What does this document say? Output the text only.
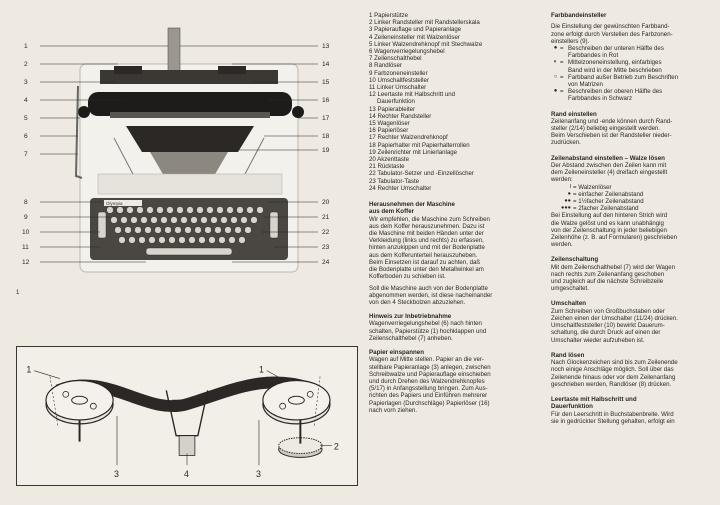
Olympia
1
2
3
4
5
6
7
8
9
10
11
12
13
14
15
16
17
18
19
20
21
22
23
24
1
1	1
2
3	4	3
1 Papierstütze
2 Linker Randsteller mit Randstellerskala
3 Papierauflage und Papieranlage
4 Zeileneinsteller mit Walzenlöser
5 Linker Walzendrehknopf mit Stechwalze
6 Wagenverriegelungshebel
7 Zeilenschalthebel
8 Randlöser
9 Farbzoneneinsteller
10 Umschaltfeststeller
11 Linker Umschalter
12 Leertaste mit Halbschritt und
Dauerfunktion
13 Papierableiter
14 Rechter Randsteller
15 Wagenlöser
16 Papierlöser
17 Rechter Walzendrehknopf
18 Papierhalter mit Papierhalterrollen
19 Zeilenrichter mit Linierlanlage
20 Akzenttaste
21 Rücktaste
22 Tabulator-Setzer und -Einzellöscher
23 Tabulator-Taste
24 Rechter Umschalter
Herausnehmen der Maschine
aus dem Koffer

Wir empfehlen, die Maschine zum Schreiben
aus dem Koffer herauszunehmen. Dazu ist
die Maschine mit beiden Händen unter der
Verkleidung (links und rechts) zu erfassen,
hinten anzukippen und mit der Bodenplatte
aus dem Kofferunterteil herauszuheben.
Beim Einsetzen ist darauf zu achten, daß
die Bodenplatte unter den Metallwinkel am
Kofferboden zu schieben ist.

Soll die Maschine auch von der Bodenplatte
abgenommen werden, ist diese nacheinander
von den 4 Steckbolzen abzuziehen.

Hinweis zur Inbetriebnahme

Wagenverriegelungshebel (6) nach hinten
schalten, Papierstütze (1) hochklappen und
Zeilenschalthebel (7) anheben.

Papier einspannen

Wagen auf Mitte stellen. Papier an die ver-
stellbare Papieranlage (3) anlegen, zwischen
Schreibwalze und Papierauflage einschieben
und durch Drehen des Walzendrehknopfes
(5/17) in Anfangsstellung bringen. Zum Aus-
richten des Papiers und Einführen mehrerer
Papierlagen (Durchschläge) Papierlöser (16)
nach vorn ziehen.

Farbbandeinsteller

Die Einstellung der gewünschten Farbband-
zone erfolgt durch Verstellen des Farbzonen-
einstellers (9).

● = Beschreiben der unteren Hälfte des
Farbbandes in Rot
◐ = Mittelzoneneinstellung, einfarbiges
Band wird in der Mitte beschrieben
○ = Farbband außer Betrieb zum Beschriften
von Matrizen
● = Beschreiben der oberen Hälfte des
Farbbandes in Schwarz
Rand einstellen

Zeilenanfang und -ende können durch Rand-
steller (2/14) beliebig eingestellt werden.
Beim Verschieben ist der Randsteller nieder-
zudrücken.

Zeilenabstand einstellen – Walze lösen

Der Abstand zwischen den Zeilen kann mit
dem Zeileneinsteller (4) dreifach eingestellt
werden:

I = Walzenlöser
● = einfacher Zeilenabstand
●● = 1½facher Zeilenabstand
●●● = 2facher Zeilenabstand

Bei Einstellung auf den hinteren Strich wird
die Walze gelöst und es kann unabhängig
von der Zeilenschaltung in jeder beliebigen
Zeilenhöhe (z. B. auf Formularen) geschrieben
werden.

Zeilenschaltung

Mit dem Zeilenschalthebel (7) wird der Wagen
nach rechts zum Zeilenanfang geschoben
und zugleich auf die nächste Schreibzeile
umgeschaltet.

Umschalten

Zum Schreiben von Großbuchstaben oder
Zeichen einen der Umschalter (11/24) drücken.
Umschaltfeststeller (10) bewirkt Dauerum-
schaltung, die durch Druck auf einen der
Umschalter wieder aufzuheben ist.

Rand lösen

Nach Glockenzeichen sind bis zum Zeilenende
noch einige Anschläge möglich. Soll über das
Zeilenende hinaus oder vor dem Zeilenanfang
geschrieben werden, Randlöser (8) drücken.

Leertaste mit Halbschritt und
Dauerfunktion

Für den Leerschritt in Buchstabenbreite. Wird
sie in gedrückter Stellung gehalten, erfolgt ein
